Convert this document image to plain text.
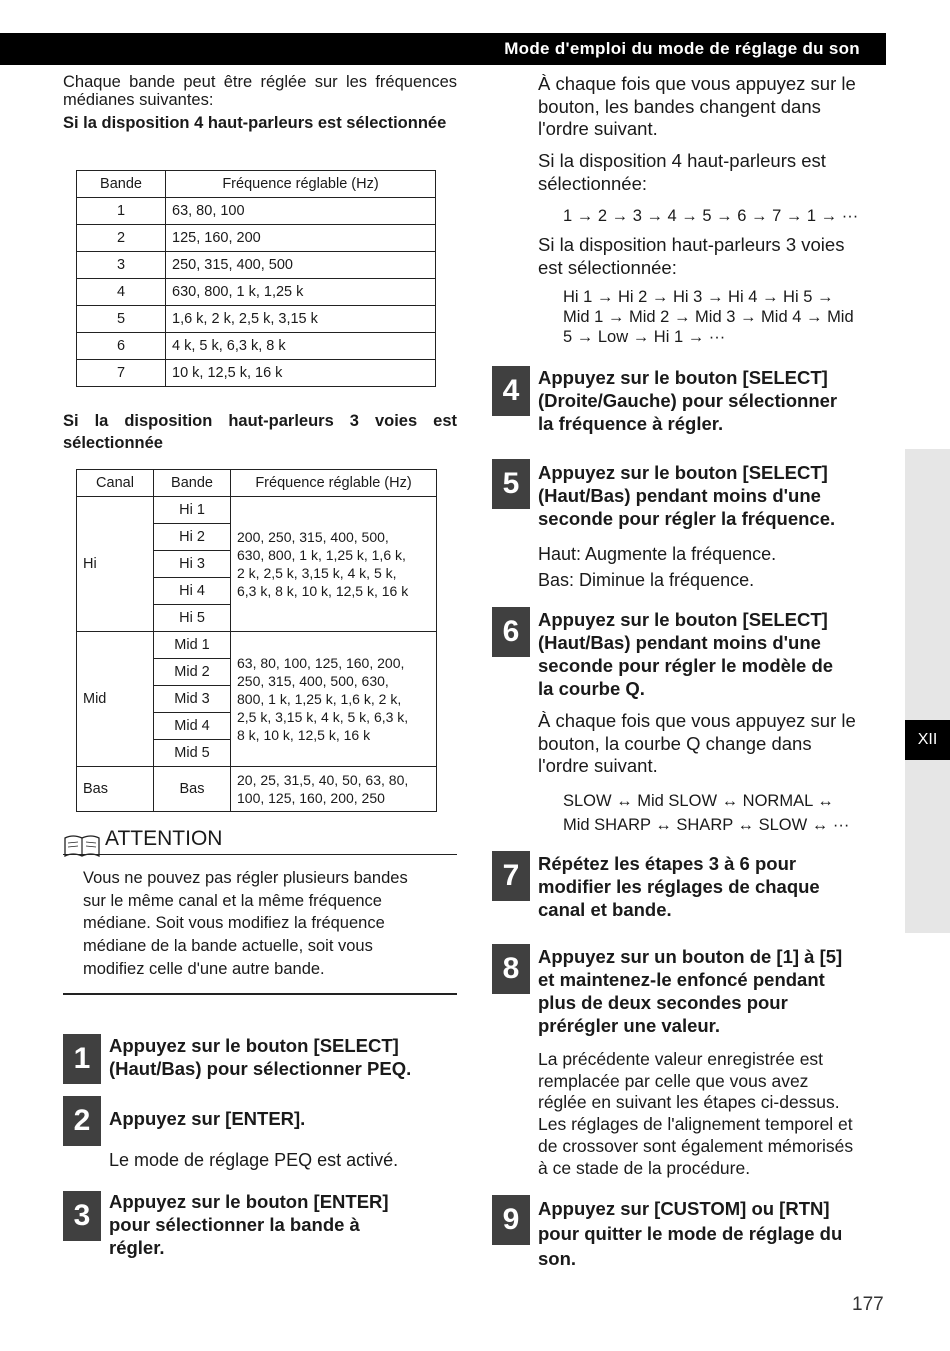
Mode d'emploi du mode de réglage du son
XII

Chaque bande peut être réglée sur les fréquences médianes suivantes:

Si la disposition 4 haut-parleurs est sélectionnée

Bande	Fréquence réglable (Hz)
1	63, 80, 100
2	125, 160, 200
3	250, 315, 400, 500
4	630, 800, 1 k, 1,25 k
5	1,6 k, 2 k, 2,5 k, 3,15 k
6	4 k, 5 k, 6,3 k, 8 k
7	10 k, 12,5 k, 16 k

Si la disposition haut-parleurs 3 voies est sélectionnée

Canal	Bande	Fréquence réglable (Hz)
Hi	Hi 1	200, 250, 315, 400, 500,
630, 800, 1 k, 1,25 k, 1,6 k,
2 k, 2,5 k, 3,15 k, 4 k, 5 k,
6,3 k, 8 k, 10 k, 12,5 k, 16 k

	Hi 2	
	Hi 3	
	Hi 4	
	Hi 5	
Mid	Mid 1	63, 80, 100, 125, 160, 200,
250, 315, 400, 500, 630,
800, 1 k, 1,25 k, 1,6 k, 2 k,
2,5 k, 3,15 k, 4 k, 5 k, 6,3 k,
8 k, 10 k, 12,5 k, 16 k

	Mid 2	
	Mid 3	
	Mid 4	
	Mid 5	
Bas	Bas	20, 25, 31,5, 40, 50, 63, 80,
100, 125, 160, 200, 250
ATTENTION
Vous ne pouvez pas régler plusieurs bandes
sur le même canal et la même fréquence
médiane. Soit vous modifiez la fréquence
médiane de la bande actuelle, soit vous
modifiez celle d'une autre bande.
1	Appuyez sur le bouton [SELECT]
(Haut/Bas) pour sélectionner PEQ.
2	Appuyez sur [ENTER].
Le mode de réglage PEQ est activé.
3	Appuyez sur le bouton [ENTER]
pour sélectionner la bande à
régler.
À chaque fois que vous appuyez sur le
bouton, les bandes changent dans
l'ordre suivant.
Si la disposition 4 haut-parleurs est
sélectionnée:
1 → 2 → 3 → 4 → 5 → 6 → 7 → 1 → ···
Si la disposition haut-parleurs 3 voies
est sélectionnée:
Hi 1 → Hi 2 → Hi 3 → Hi 4 → Hi 5 →
Mid 1 → Mid 2 → Mid 3 → Mid 4 → Mid
5 → Low → Hi 1 → ···
4	Appuyez sur le bouton [SELECT]
(Droite/Gauche) pour sélectionner
la fréquence à régler.
5	Appuyez sur le bouton [SELECT]
(Haut/Bas) pendant moins d'une
seconde pour régler la fréquence.
Haut: Augmente la fréquence.
Bas: Diminue la fréquence.
6	Appuyez sur le bouton [SELECT]
(Haut/Bas) pendant moins d'une
seconde pour régler le modèle de
la courbe Q.
À chaque fois que vous appuyez sur le
bouton, la courbe Q change dans
l'ordre suivant.
SLOW ↔ Mid SLOW ↔ NORMAL ↔
Mid SHARP ↔ SHARP ↔ SLOW ↔ ···
7	Répétez les étapes 3 à 6 pour
modifier les réglages de chaque
canal et bande.
8	Appuyez sur un bouton de [1] à [5]
et maintenez-le enfoncé pendant
plus de deux secondes pour
prérégler une valeur.
La précédente valeur enregistrée est
remplacée par celle que vous avez
réglée en suivant les étapes ci-dessus.
Les réglages de l'alignement temporel et
de crossover sont également mémorisés
à ce stade de la procédure.
9	Appuyez sur [CUSTOM] ou [RTN]
pour quitter le mode de réglage du
son.
177
